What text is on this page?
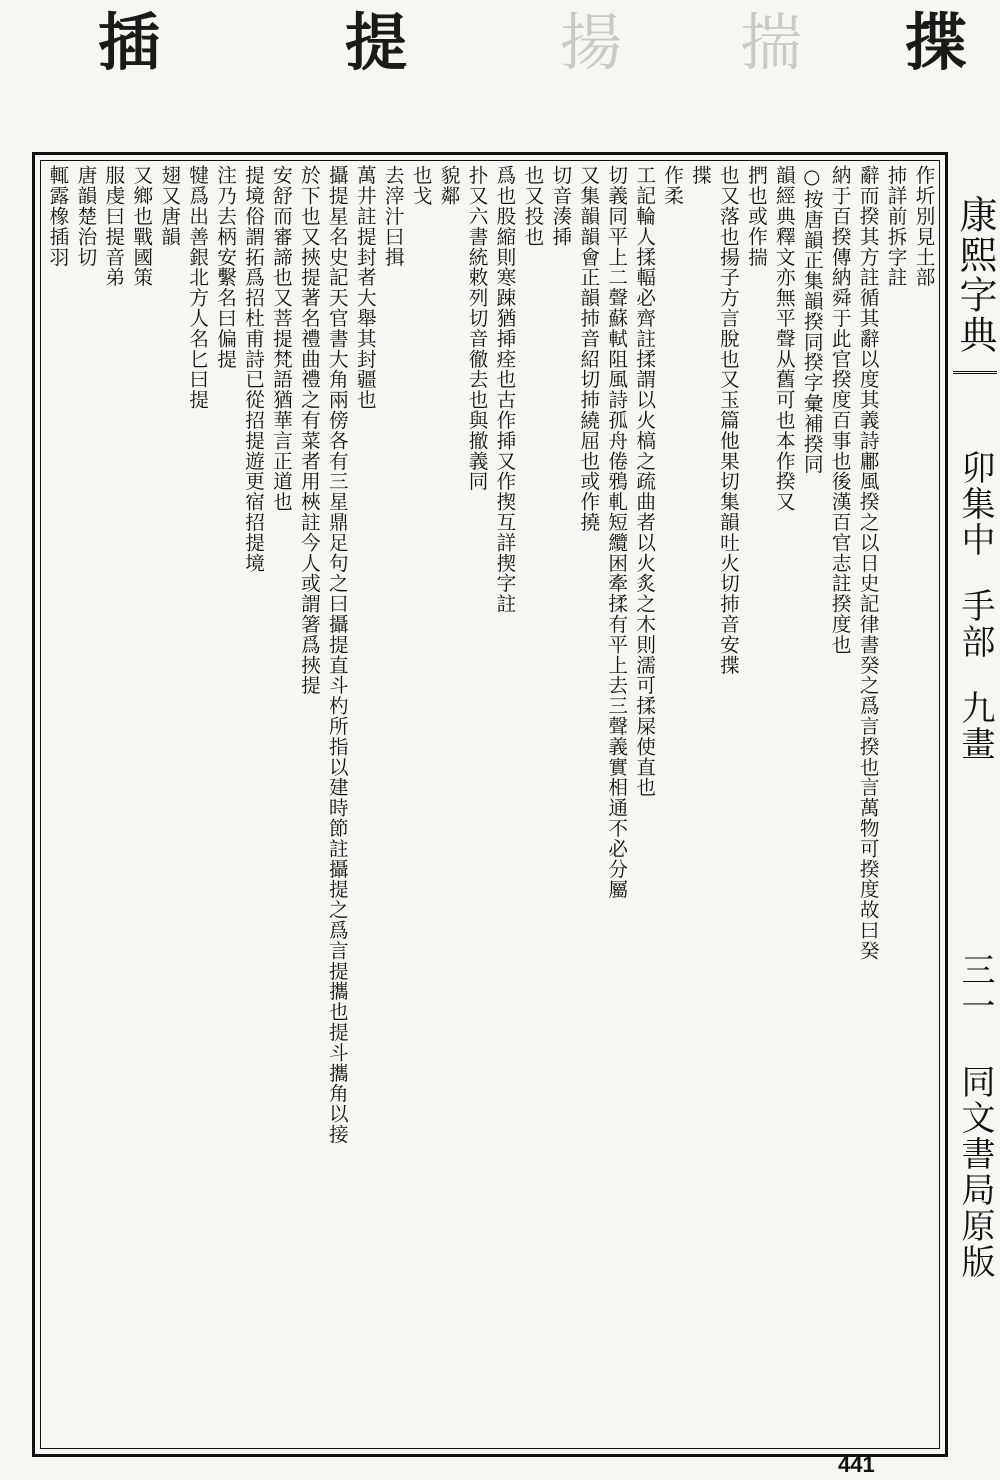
插	提 揚 揣 揲
康熙字典
卯集中
手部
九畫
三一
同文書局原版
作圻別見土部
㧊詳前拆字註
辭而揆其方註循其辭以度其義詩鄘風揆之以日史記律書癸之爲言揆也言萬物可揆度故曰癸
納于百揆傳納舜于此官揆度百事也後漢百官志註揆度也
○按唐韻正集韻揆同揆字彙補揆同
韻經典釋文亦無平聲从舊可也本作揆又
捫也或作揣
也又落也揚子方言脫也又玉篇他果切集韻吐火切㧊音安揲
揲
作柔
工記輪人揉輻必齊註揉謂以火槁之疏曲者以火炙之木則濡可揉屎使直也
切義同平上二聲蘇軾阻風詩孤舟倦鴉軋短纜困牽揉有平上去三聲義實相通不必分屬
又集韻韻會正韻㧊音紹切㧊繞屈也或作撓
切音湊揷
也又投也
爲也股縮則寒踈猶揷痊也古作揷又作揳互詳揳字註
扑又六書統敕列切音徹去也與撤義同
貌鄰
也戈
去滓汁曰揖
萬井註提封者大舉其封疆也
攝提星名史記天官書大角兩傍各有三星鼎足句之曰攝提直斗杓所指以建時節註攝提之爲言提攜也提斗攜角以接
於下也又挾提著名禮曲禮之有菜者用梜註今人或謂箸爲挾提
安舒而審諦也又菩提梵語猶華言正道也
提境俗謂拓爲招杜甫詩已從招提遊更宿招提境
注乃去柄安繫名曰偏提
犍爲出善銀北方人名匕曰提
翅又唐韻
又鄉也戰國策
服虔曰提音弟
唐韻楚治切
輒露橡插羽
441
